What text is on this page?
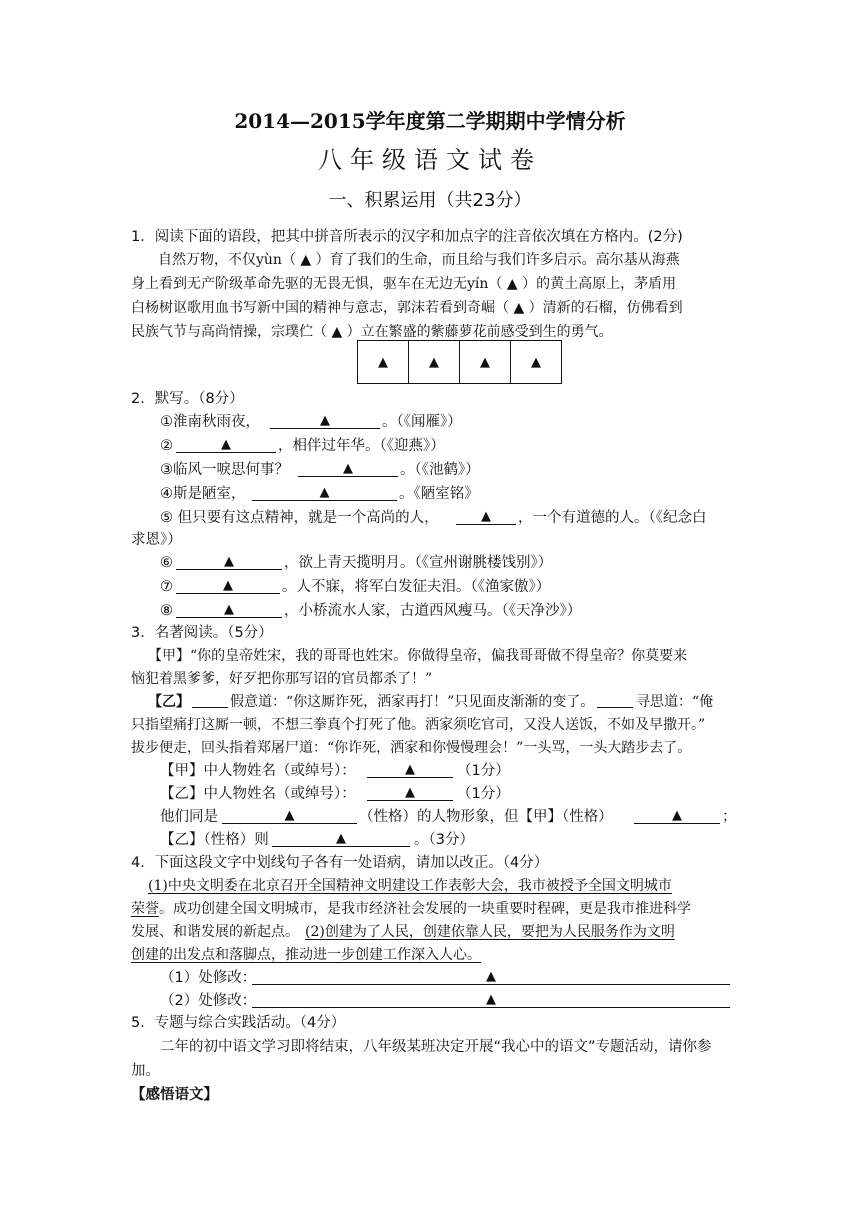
2014—2015学年度第二学期期中学情分析
八年级语文试卷
一、积累运用（共23分）
1．阅读下面的语段，把其中拼音所表示的汉字和加点字的注音依次填在方格内。(2分)
自然万物，不仅yùn（ ▲ ）育了我们的生命，而且给与我们许多启示。高尔基从海燕
身上看到无产阶级革命先驱的无畏无惧，驱车在无边无yín（ ▲ ）的黄土高原上，茅盾用
白杨树讴歌用血书写新中国的精神与意志，郭沫若看到奇崛（ ▲ ）清新的石榴，仿佛看到
民族气节与高尚情操，宗璞伫（ ▲ ）立在繁盛的紫藤萝花前感受到生的勇气。
▲	▲	▲	▲
2．默写。（8分）
①淮南秋雨夜，	▲	。（《闻雁》）
②	▲	，相伴过年华。（《迎燕》）
③临风一唳思何事？	▲	。（《池鹤》）
④斯是陋室，	▲	。《陋室铭》
⑤ 但只要有这点精神，就是一个高尚的人，	▲	，一个有道德的人。（《纪念白
求恩》）
⑥	▲	，欲上青天揽明月。（《宣州谢朓楼饯别》）
⑦	▲	。人不寐，将军白发征夫泪。（《渔家傲》）
⑧	▲	，小桥流水人家，古道西风瘦马。（《天净沙》）
3．名著阅读。（5分）
【甲】“你的皇帝姓宋，我的哥哥也姓宋。你做得皇帝，偏我哥哥做不得皇帝？你莫要来
恼犯着黑爹爹，好歹把你那写诏的官员都杀了！”
【乙】	假意道：“你这厮诈死，洒家再打！”只见面皮渐渐的变了。	寻思道：“俺
只指望痛打这厮一顿，不想三拳真个打死了他。洒家须吃官司，又没人送饭，不如及早撒开。”
拔步便走，回头指着郑屠尸道：“你诈死，洒家和你慢慢理会！”一头骂，一头大踏步去了。
【甲】中人物姓名（或绰号）：	▲	（1分）
【乙】中人物姓名（或绰号）：	▲	（1分）
他们同是	▲	（性格）的人物形象，但【甲】（性格）	▲	；
【乙】（性格）则	▲	。（3分）
4．下面这段文字中划线句子各有一处语病，请加以改正。（4分）
(1)中央文明委在北京召开全国精神文明建设工作表彰大会，我市被授予全国文明城市
荣誉 。成功创建全国文明城市，是我市经济社会发展的一块重要时程碑，更是我市推进科学
发展、和谐发展的新起点。 (2)创建为了人民，创建依靠人民，要把为人民服务作为文明
创建的出发点和落脚点，推动进一步创建工作深入人心。
（1）处修改：	▲
（2）处修改：	▲
5．专题与综合实践活动。（4分）
二年的初中语文学习即将结束，八年级某班决定开展“我心中的语文”专题活动，请你参
加。
【感悟语文】
